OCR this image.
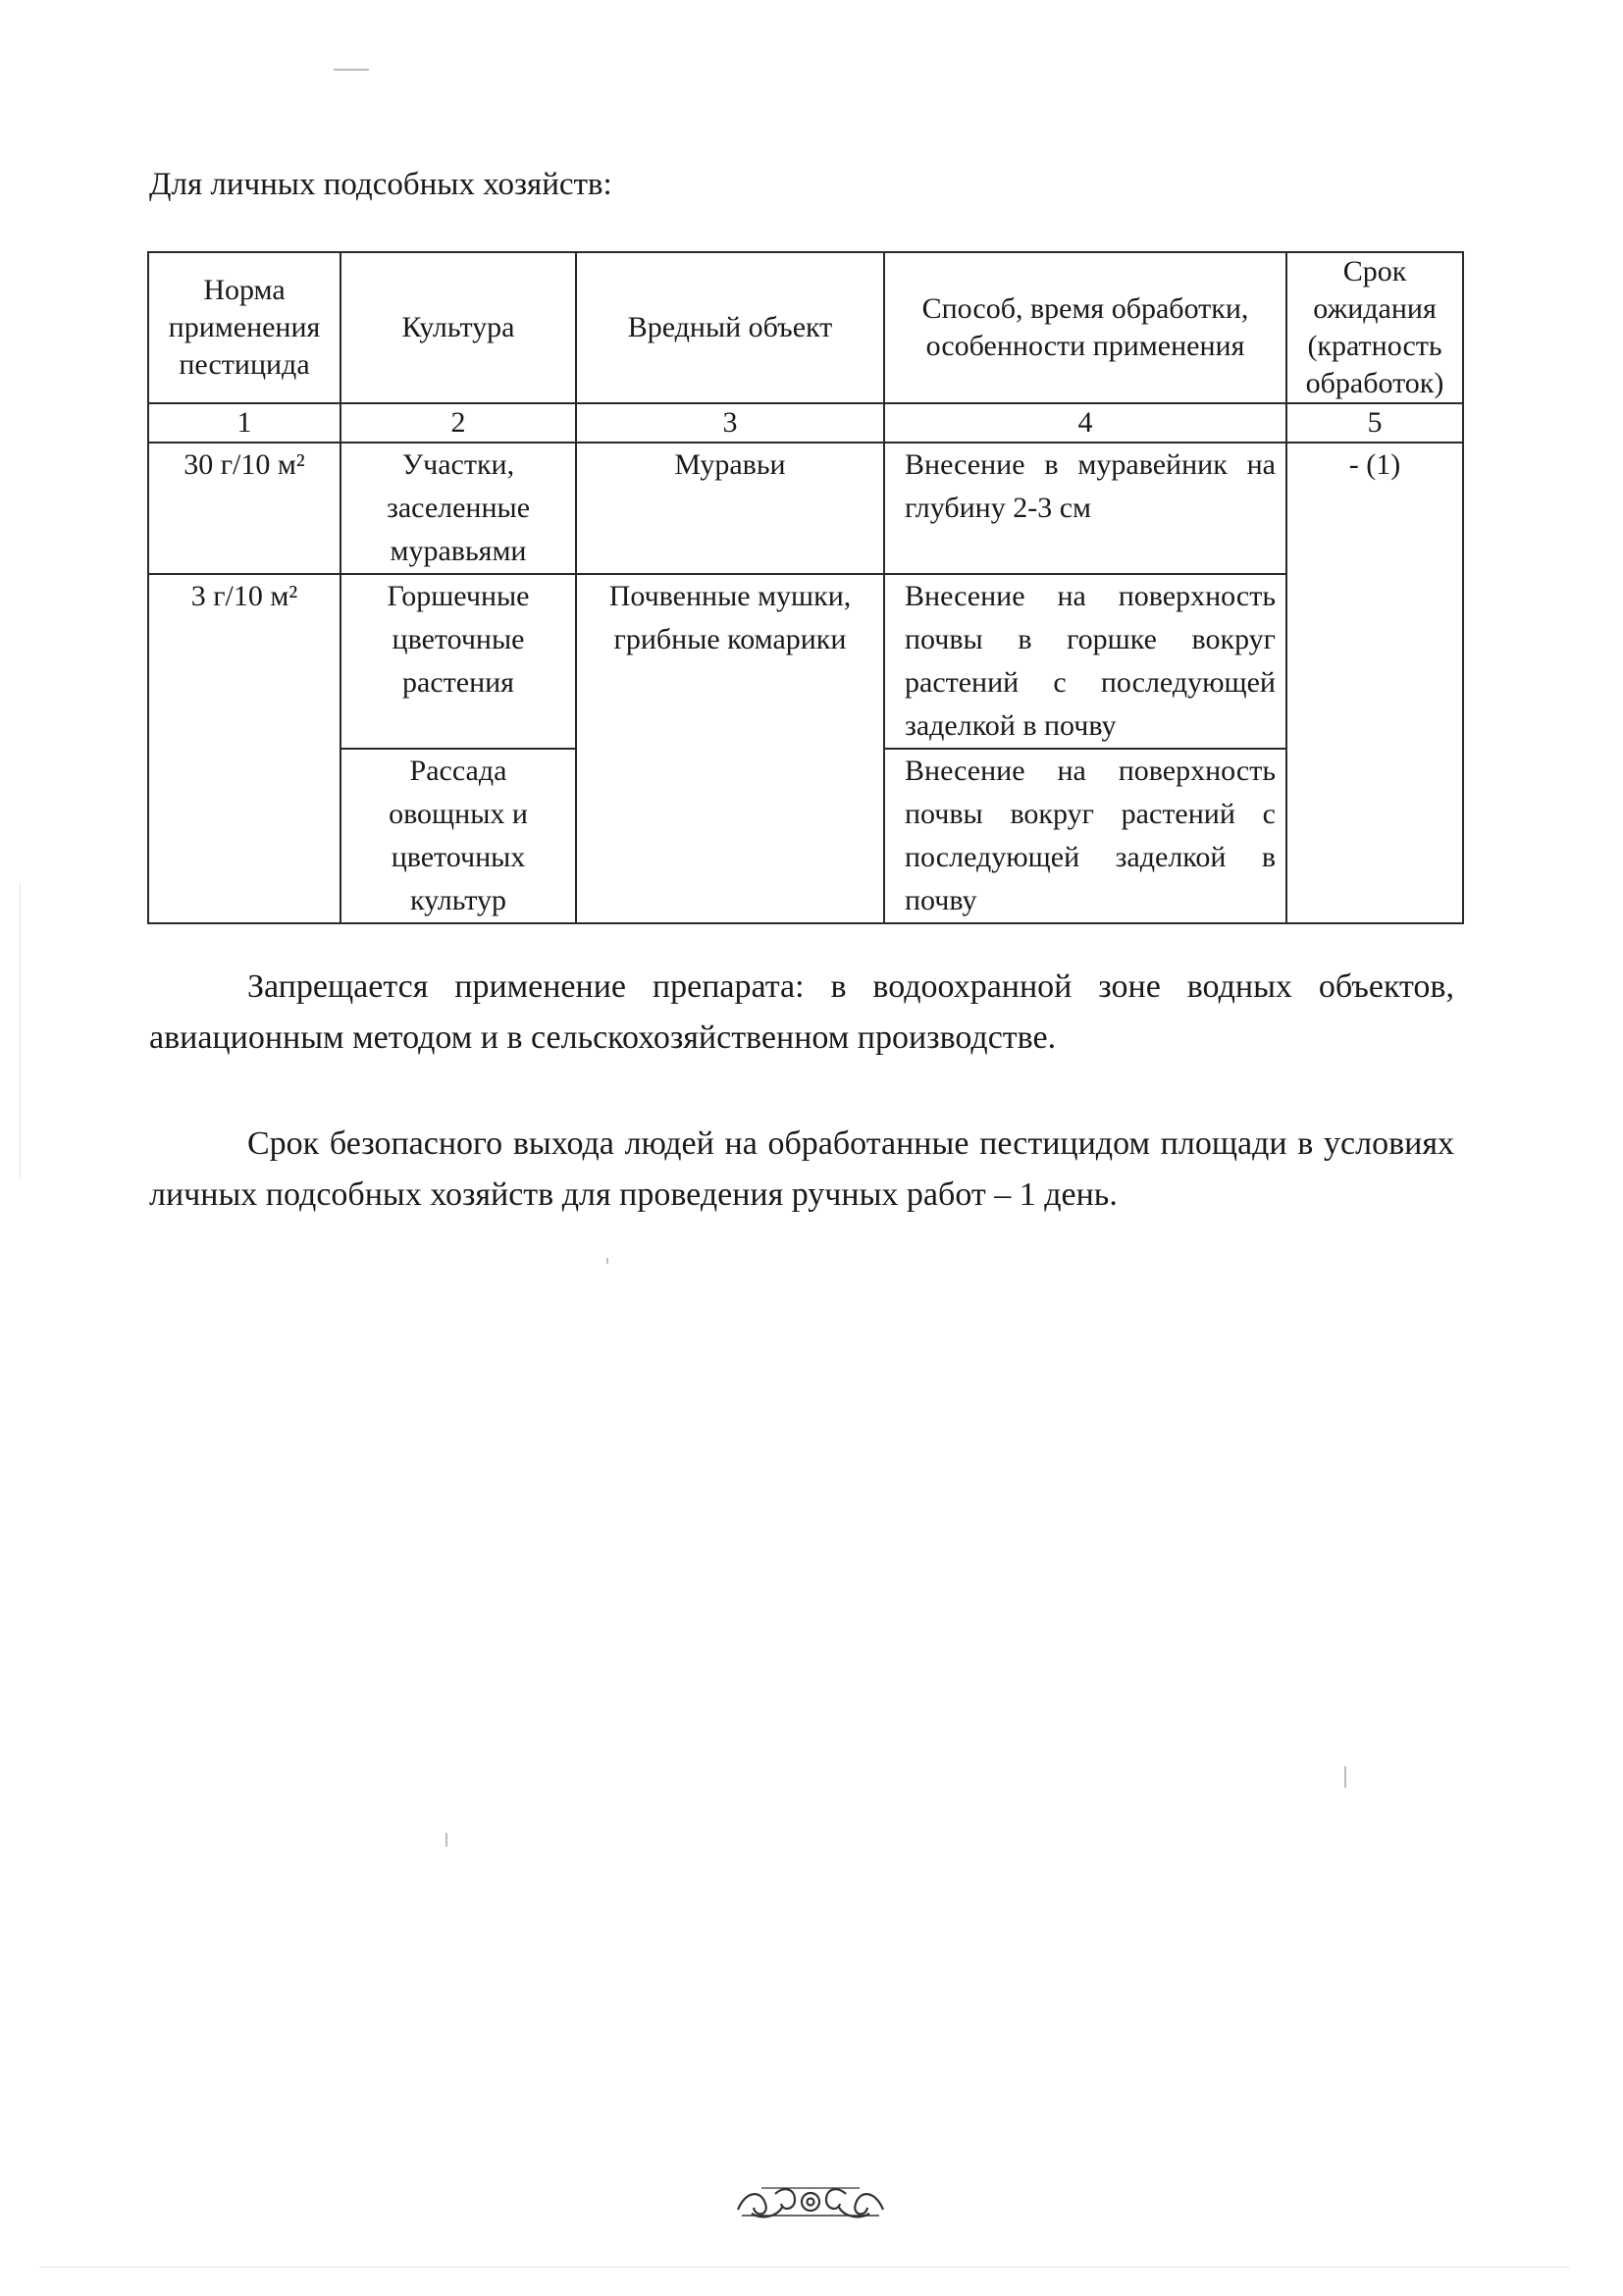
Для личных подсобных хозяйств:
Норма применения пестицида	Культура	Вредный объект	Способ, время обработки, особенности применения	Срок ожидания (кратность обработок)
1	2	3	4	5
30 г/10 м²	Участки, заселенные муравьями	Муравьи	Внесение в муравейник на глубину 2-3 см	- (1)
3 г/10 м²	Горшечные цветочные растения	Почвенные мушки, грибные комарики	Внесение на поверхность почвы в горшке вокруг растений с последующей заделкой в почву	
	Рассада овощных и цветочных культур		Внесение на поверхность почвы вокруг растений с последующей заделкой в почву	

Запрещается применение препарата: в водоохранной зоне водных объектов, авиационным методом и в сельскохозяйственном производстве.

Срок безопасного выхода людей на обработанные пестицидом площади в условиях личных подсобных хозяйств для проведения ручных работ – 1 день.
